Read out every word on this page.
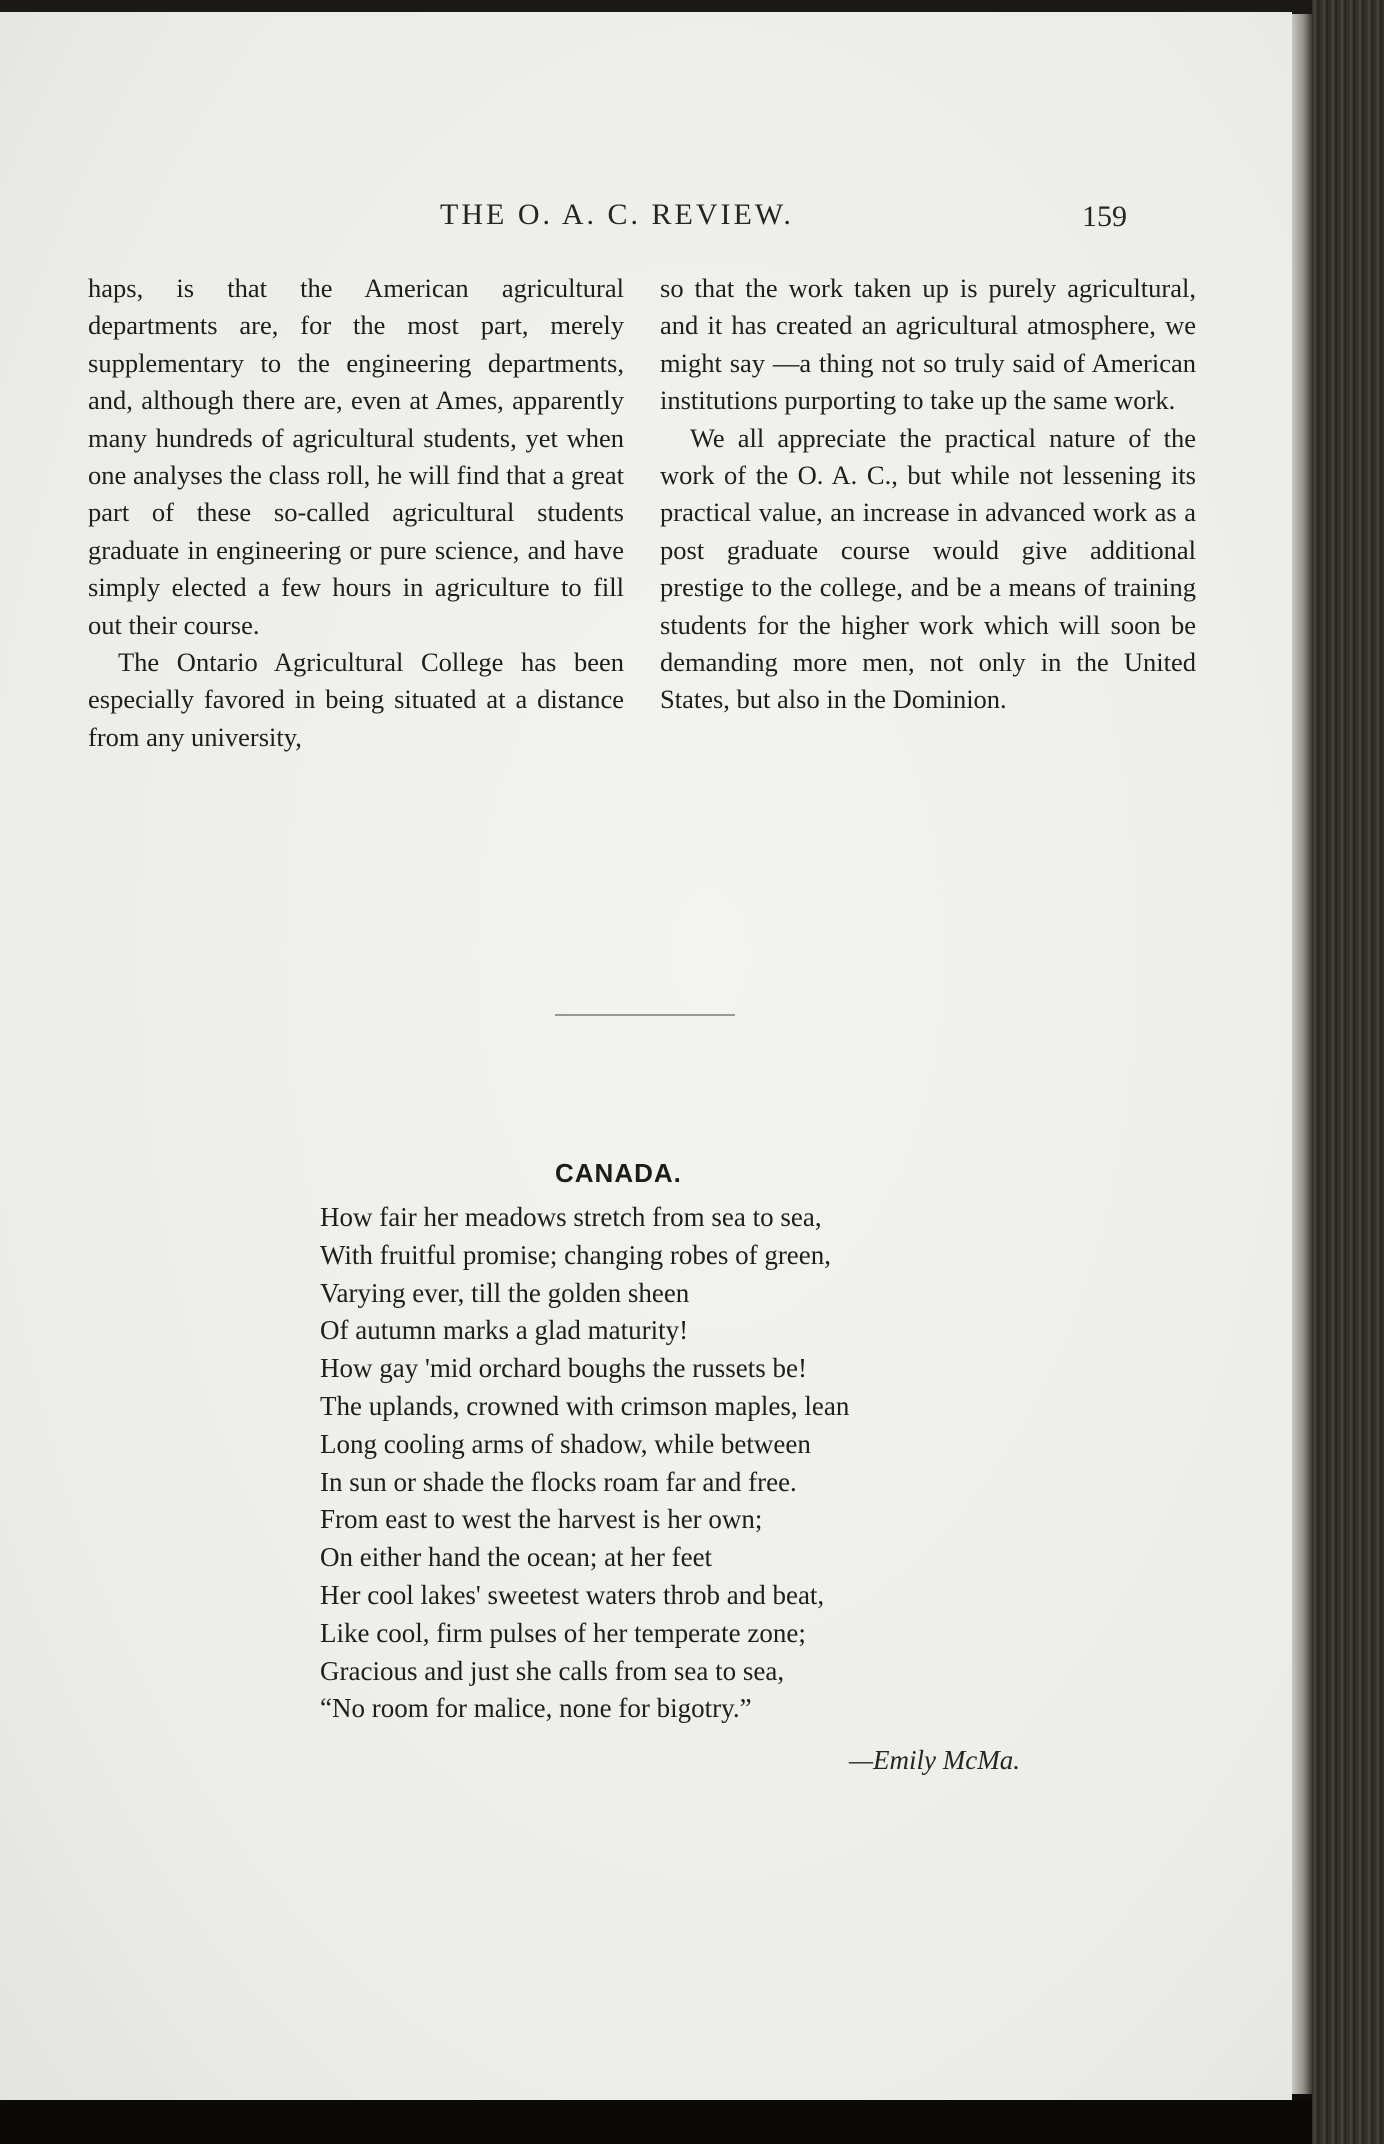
THE O. A. C. REVIEW.	159

haps, is that the American agricultural departments are, for the most part, merely supplementary to the engineering departments, and, although there are, even at Ames, apparently many hundreds of agricultural students, yet when one analyses the class roll, he will find that a great part of these so-called agricultural students graduate in engineering or pure science, and have simply elected a few hours in agriculture to fill out their course.

The Ontario Agricultural College has been especially favored in being situated at a distance from any university,

so that the work taken up is purely agricultural, and it has created an agricultural atmosphere, we might say —a thing not so truly said of American institutions purporting to take up the same work.

We all appreciate the practical nature of the work of the O. A. C., but while not lessening its practical value, an increase in advanced work as a post graduate course would give additional prestige to the college, and be a means of training students for the higher work which will soon be demanding more men, not only in the United States, but also in the Dominion.

CANADA.
How fair her meadows stretch from sea to sea,
With fruitful promise; changing robes of green,
Varying ever, till the golden sheen
Of autumn marks a glad maturity!
How gay 'mid orchard boughs the russets be!
The uplands, crowned with crimson maples, lean
Long cooling arms of shadow, while between
In sun or shade the flocks roam far and free.
From east to west the harvest is her own;
On either hand the ocean; at her feet
Her cool lakes' sweetest waters throb and beat,
Like cool, firm pulses of her temperate zone;
Gracious and just she calls from sea to sea,
“No room for malice, none for bigotry.”
—Emily McMa.
